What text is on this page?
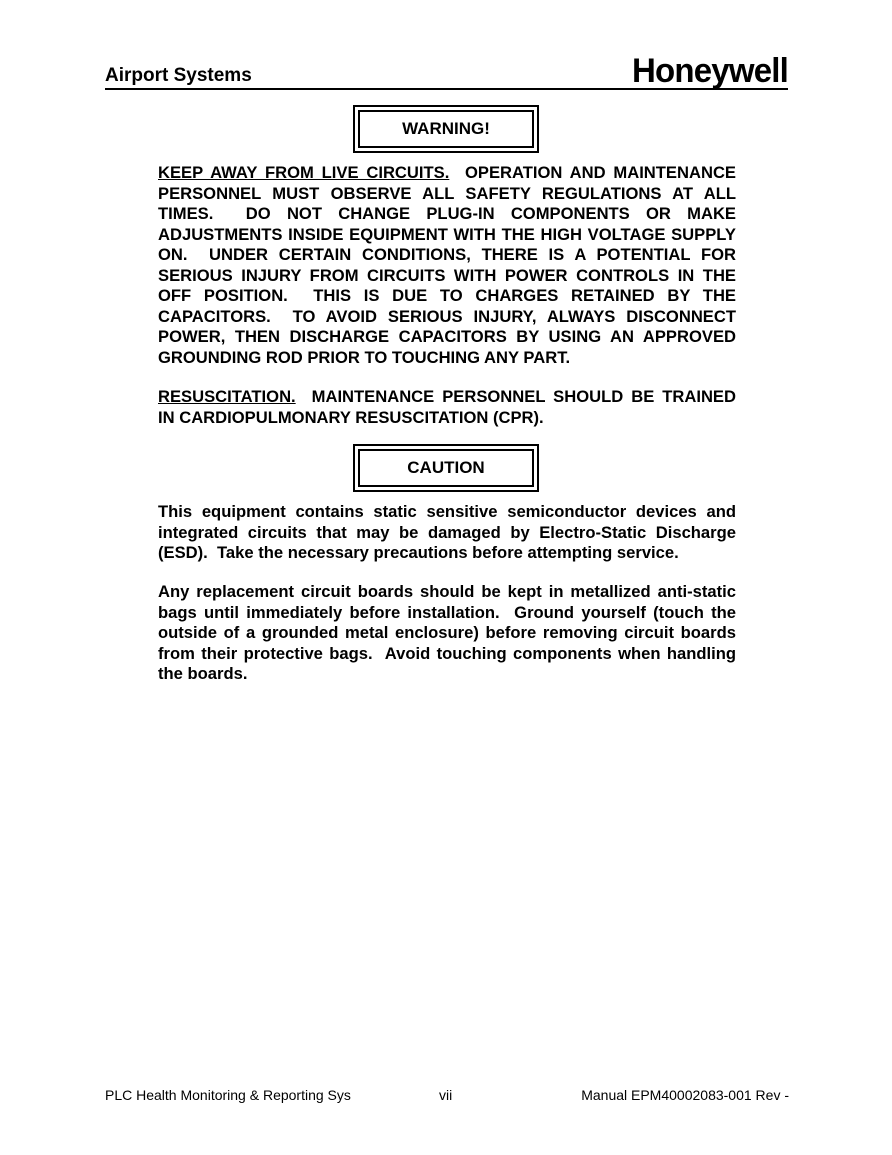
Airport Systems	Honeywell
WARNING!

KEEP AWAY FROM LIVE CIRCUITS.  OPERATION AND MAINTENANCE PERSONNEL MUST OBSERVE ALL SAFETY REGULATIONS AT ALL TIMES.  DO NOT CHANGE PLUG-IN COMPONENTS OR MAKE ADJUSTMENTS INSIDE EQUIPMENT WITH THE HIGH VOLTAGE SUPPLY ON.  UNDER CERTAIN CONDITIONS, THERE IS A POTENTIAL FOR SERIOUS INJURY FROM CIRCUITS WITH POWER CONTROLS IN THE OFF POSITION.  THIS IS DUE TO CHARGES RETAINED BY THE CAPACITORS.  TO AVOID SERIOUS INJURY, ALWAYS DISCONNECT POWER, THEN DISCHARGE CAPACITORS BY USING AN APPROVED GROUNDING ROD PRIOR TO TOUCHING ANY PART.

RESUSCITATION.  MAINTENANCE PERSONNEL SHOULD BE TRAINED IN CARDIOPULMONARY RESUSCITATION (CPR).

CAUTION

This equipment contains static sensitive semiconductor devices and integrated circuits that may be damaged by Electro-Static Discharge (ESD).  Take the necessary precautions before attempting service.

Any replacement circuit boards should be kept in metallized anti-static bags until immediately before installation.  Ground yourself (touch the outside of a grounded metal enclosure) before removing circuit boards from their protective bags.  Avoid touching components when handling the boards.

PLC Health Monitoring & Reporting Sys	vii	Manual EPM40002083-001 Rev -
